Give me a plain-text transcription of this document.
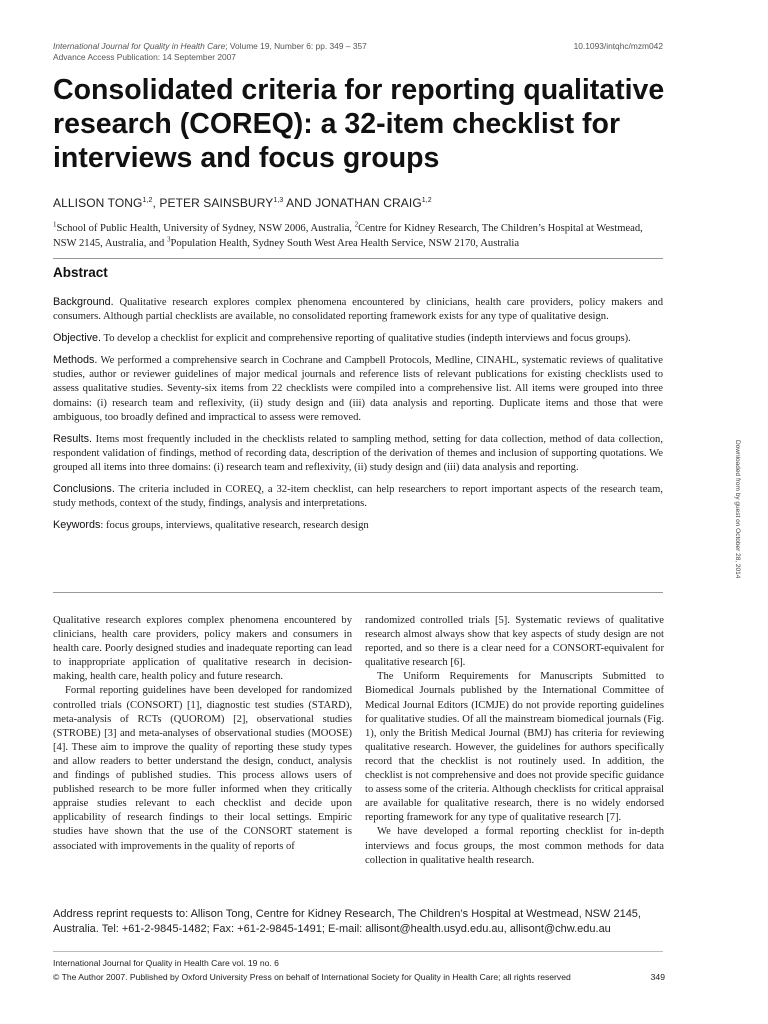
International Journal for Quality in Health Care; Volume 19, Number 6: pp. 349 – 357
Advance Access Publication: 14 September 2007
10.1093/intqhc/mzm042
Consolidated criteria for reporting qualitative research (COREQ): a 32-item checklist for interviews and focus groups
ALLISON TONG$^{1,2}$, PETER SAINSBURY$^{1,3}$ AND JONATHAN CRAIG$^{1,2}$
$^1$School of Public Health, University of Sydney, NSW 2006, Australia, $^2$Centre for Kidney Research, The Children’s Hospital at Westmead, NSW 2145, Australia, and $^3$Population Health, Sydney South West Area Health Service, NSW 2170, Australia
Abstract

Background. Qualitative research explores complex phenomena encountered by clinicians, health care providers, policy makers and consumers. Although partial checklists are available, no consolidated reporting framework exists for any type of qualitative design.

Objective. To develop a checklist for explicit and comprehensive reporting of qualitative studies (indepth interviews and focus groups).

Methods. We performed a comprehensive search in Cochrane and Campbell Protocols, Medline, CINAHL, systematic reviews of qualitative studies, author or reviewer guidelines of major medical journals and reference lists of relevant publications for existing checklists used to assess qualitative studies. Seventy-six items from 22 checklists were compiled into a comprehensive list. All items were grouped into three domains: (i) research team and reflexivity, (ii) study design and (iii) data analysis and reporting. Duplicate items and those that were ambiguous, too broadly defined and impractical to assess were removed.

Results. Items most frequently included in the checklists related to sampling method, setting for data collection, method of data collection, respondent validation of findings, method of recording data, description of the derivation of themes and inclusion of supporting quotations. We grouped all items into three domains: (i) research team and reflexivity, (ii) study design and (iii) data analysis and reporting.

Conclusions. The criteria included in COREQ, a 32-item checklist, can help researchers to report important aspects of the research team, study methods, context of the study, findings, analysis and interpretations.

Keywords: focus groups, interviews, qualitative research, research design

Qualitative research explores complex phenomena encountered by clinicians, health care providers, policy makers and consumers in health care. Poorly designed studies and inadequate reporting can lead to inappropriate application of qualitative research in decision-making, health care, health policy and future research.

Formal reporting guidelines have been developed for randomized controlled trials (CONSORT) [1], diagnostic test studies (STARD), meta-analysis of RCTs (QUOROM) [2], observational studies (STROBE) [3] and meta-analyses of observational studies (MOOSE) [4]. These aim to improve the quality of reporting these study types and allow readers to better understand the design, conduct, analysis and findings of published studies. This process allows users of published research to be more fuller informed when they critically appraise studies relevant to each checklist and decide upon applicability of research findings to their local settings. Empiric studies have shown that the use of the CONSORT statement is associated with improvements in the quality of reports of

randomized controlled trials [5]. Systematic reviews of qualitative research almost always show that key aspects of study design are not reported, and so there is a clear need for a CONSORT-equivalent for qualitative research [6].

The Uniform Requirements for Manuscripts Submitted to Biomedical Journals published by the International Committee of Medical Journal Editors (ICMJE) do not provide reporting guidelines for qualitative studies. Of all the mainstream biomedical journals (Fig. 1), only the British Medical Journal (BMJ) has criteria for reviewing qualitative research. However, the guidelines for authors specifically record that the checklist is not routinely used. In addition, the checklist is not comprehensive and does not provide specific guidance to assess some of the criteria. Although checklists for critical appraisal are available for qualitative research, there is no widely endorsed reporting framework for any type of qualitative research [7].

We have developed a formal reporting checklist for in-depth interviews and focus groups, the most common methods for data collection in qualitative health research.

Address reprint requests to: Allison Tong, Centre for Kidney Research, The Children’s Hospital at Westmead, NSW 2145, Australia. Tel: +61-2-9845-1482; Fax: +61-2-9845-1491; E-mail: allisont@health.usyd.edu.au, allisont@chw.edu.au
International Journal for Quality in Health Care vol. 19 no. 6
© The Author 2007. Published by Oxford University Press on behalf of International Society for Quality in Health Care; all rights reserved	349
Downloaded from by guest on October 28, 2014
